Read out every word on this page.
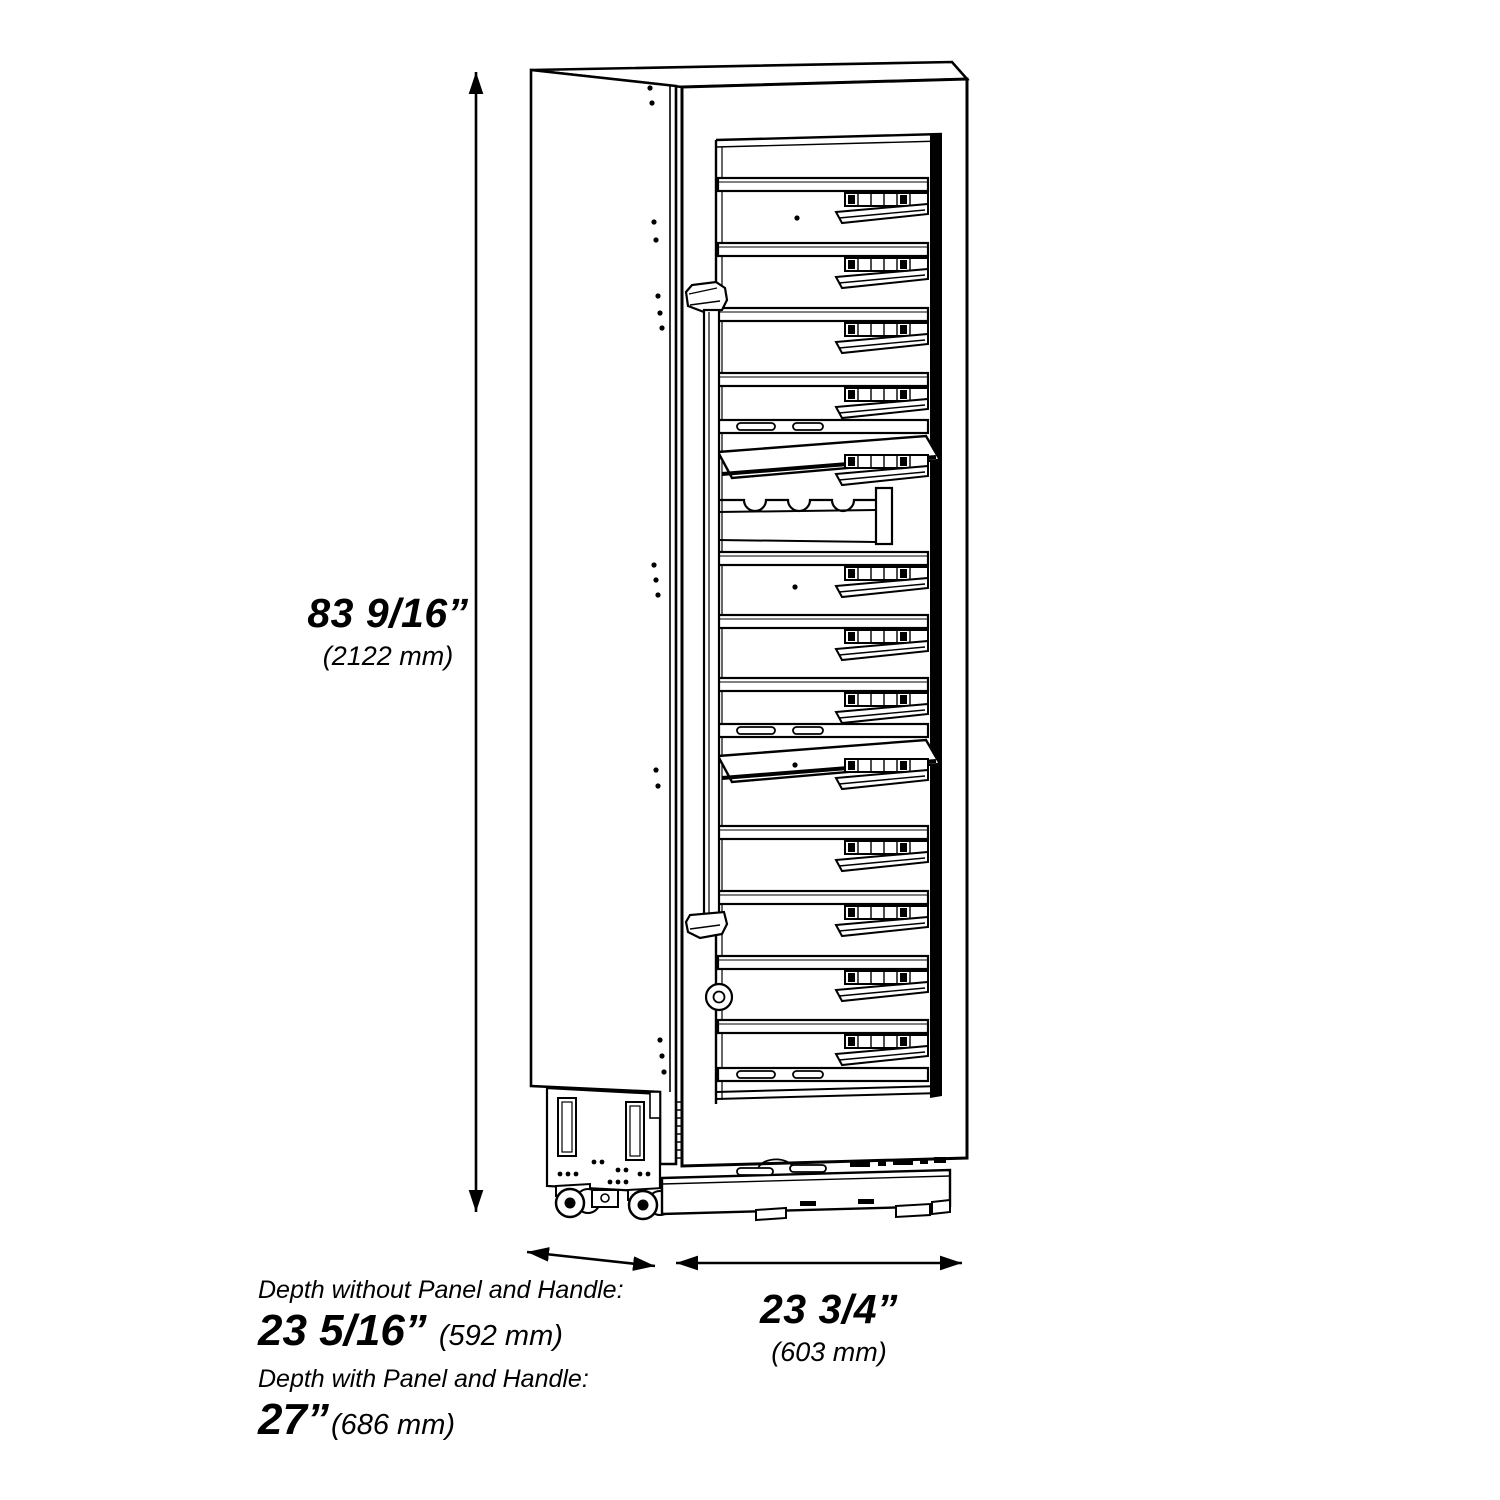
83 9/16”
(2122 mm)
23 3/4”
(603 mm)
Depth without Panel and Handle:
23 5/16” (592 mm)
Depth with Panel and Handle:
27”(686 mm)
